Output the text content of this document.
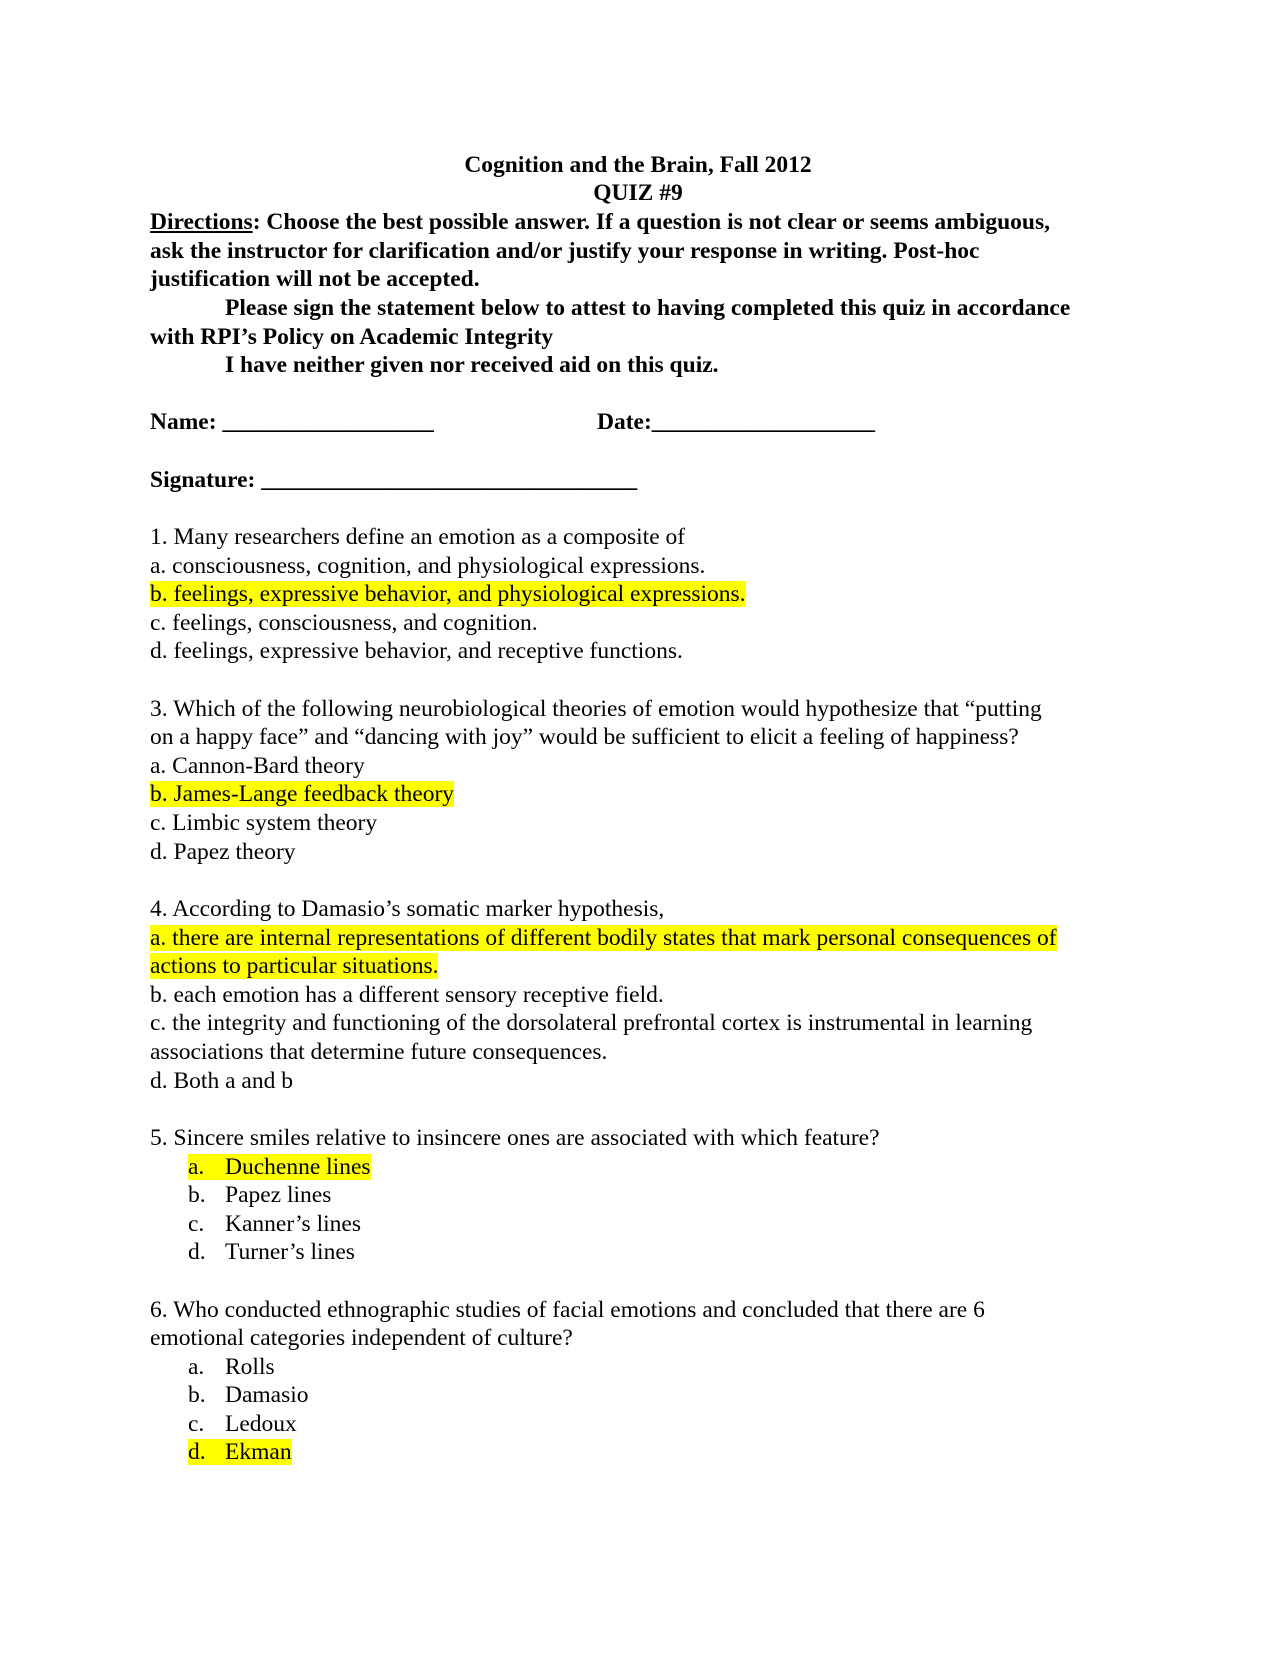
Cognition and the Brain, Fall 2012
QUIZ #9
Directions: Choose the best possible answer. If a question is not clear or seems ambiguous,
ask the instructor for clarification and/or justify your response in writing. Post-hoc
justification will not be accepted.
Please sign the statement below to attest to having completed this quiz in accordance
with RPI’s Policy on Academic Integrity
I have neither given nor received aid on this quiz.
Name: __________________	Date:___________________
Signature: ________________________________
1. Many researchers define an emotion as a composite of
a. consciousness, cognition, and physiological expressions.
b. feelings, expressive behavior, and physiological expressions.
c. feelings, consciousness, and cognition.
d. feelings, expressive behavior, and receptive functions.
3. Which of the following neurobiological theories of emotion would hypothesize that “putting
on a happy face” and “dancing with joy” would be sufficient to elicit a feeling of happiness?
a. Cannon-Bard theory
b. James-Lange feedback theory
c. Limbic system theory
d. Papez theory
4. According to Damasio’s somatic marker hypothesis,
a. there are internal representations of different bodily states that mark personal consequences of
actions to particular situations.
b. each emotion has a different sensory receptive field.
c. the integrity and functioning of the dorsolateral prefrontal cortex is instrumental in learning
associations that determine future consequences.
d. Both a and b
5. Sincere smiles relative to insincere ones are associated with which feature?
a. Duchenne lines
b. Papez lines
c. Kanner’s lines
d. Turner’s lines
6. Who conducted ethnographic studies of facial emotions and concluded that there are 6
emotional categories independent of culture?
a. Rolls
b. Damasio
c. Ledoux
d. Ekman
